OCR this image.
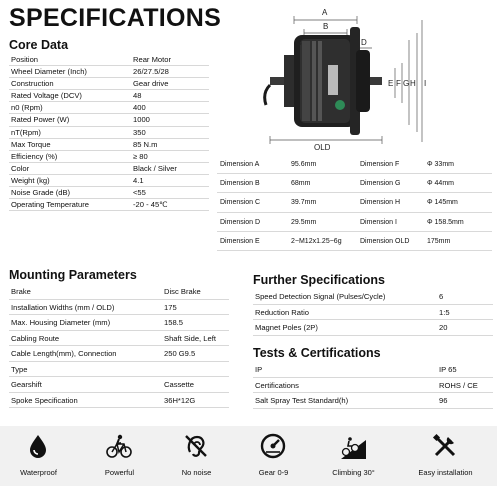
SPECIFICATIONS
Core Data
Position	Rear Motor
Wheel Diameter (Inch)	26/27.5/28
Construction	Gear drive
Rated Voltage (DCV)	48
n0 (Rpm)	400
Rated Power (W)	1000
nT(Rpm)	350
Max Torque	85 N.m
Efficiency (%)	≥ 80
Color	Black / Silver
Weight (kg)	4.1
Noise Grade (dB)	<55
Operating Temperature	-20 - 45℃
A
B
C	D
E F G H I
OLD
Dimension A	95.6mm	Dimension F	Φ 33mm
Dimension B	68mm	Dimension G	Φ 44mm
Dimension C	39.7mm	Dimension H	Φ 145mm
Dimension D	29.5mm	Dimension I	Φ 158.5mm
Dimension E	2−M12x1.25−6g	Dimension OLD	175mm
Mounting Parameters
Brake	Disc Brake
Installation Widths (mm / OLD)	175
Max. Housing Diameter (mm)	158.5
Cabling Route	Shaft Side, Left
Cable Length(mm), Connection	250 G9.5
Type
Gearshift	Cassette
Spoke Specification	36H*12G
Further Specifications
Speed Detection Signal (Pulses/Cycle)	6
Reduction Ratio	1:5
Magnet Poles (2P)	20
Tests & Certifications
IP	IP 65
Certifications	ROHS / CE
Salt Spray Test Standard(h)	96
Waterproof	Powerful	No noise	Gear 0-9	Climbing 30°	Easy installation
